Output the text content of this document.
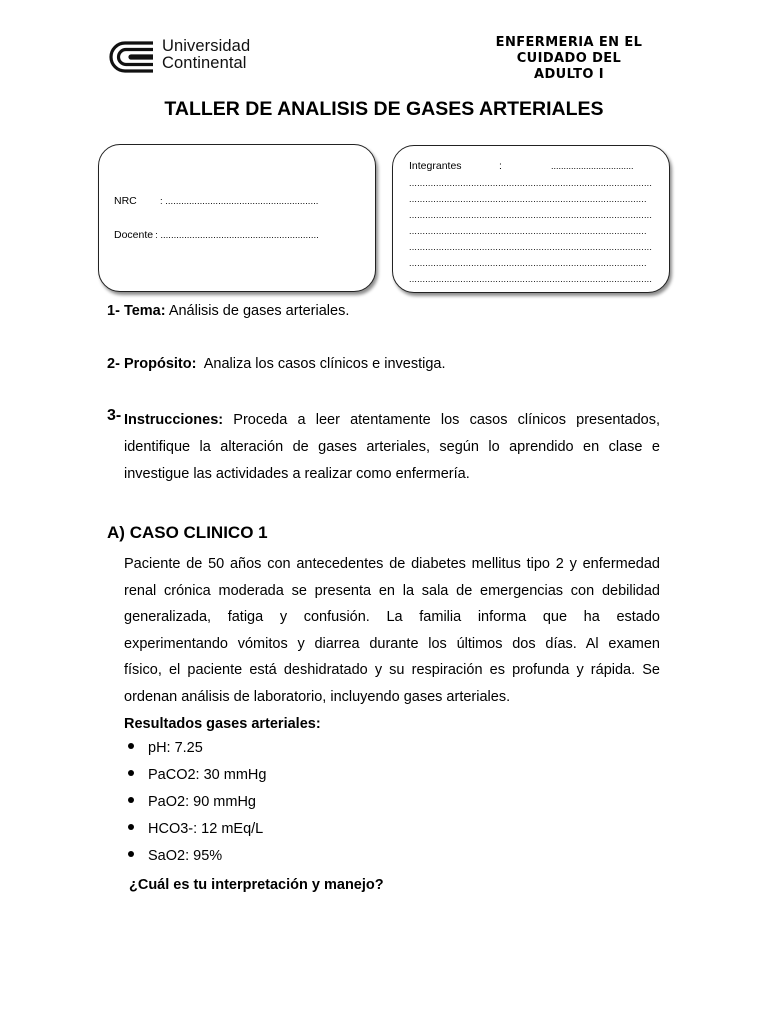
Universidad
Continental
ENFERMERIA EN EL
CUIDADO DEL
ADULTO I
TALLER DE ANALISIS DE GASES ARTERIALES
NRC : ..........................................................
Docente : ............................................................
Integrantes	:	.................................
..........................................................................................
........................................................................................
..........................................................................................
........................................................................................
..........................................................................................
........................................................................................
..........................................................................................
1- Tema: Análisis de gases arteriales.
2- Propósito: Analiza los casos clínicos e investiga.
3- Instrucciones: Proceda a leer atentamente los casos clínicos presentados,
identifique la alteración de gases arteriales, según lo aprendido en clase e
investigue las actividades a realizar como enfermería.
A) CASO CLINICO 1
Paciente de 50 años con antecedentes de diabetes mellitus tipo 2 y enfermedad
renal crónica moderada se presenta en la sala de emergencias con debilidad
generalizada, fatiga y confusión. La familia informa que ha estado
experimentando vómitos y diarrea durante los últimos dos días. Al examen
físico, el paciente está deshidratado y su respiración es profunda y rápida. Se
ordenan análisis de laboratorio, incluyendo gases arteriales.
Resultados gases arteriales:
pH: 7.25
PaCO2: 30 mmHg
PaO2: 90 mmHg
HCO3-: 12 mEq/L
SaO2: 95%
¿Cuál es tu interpretación y manejo?
